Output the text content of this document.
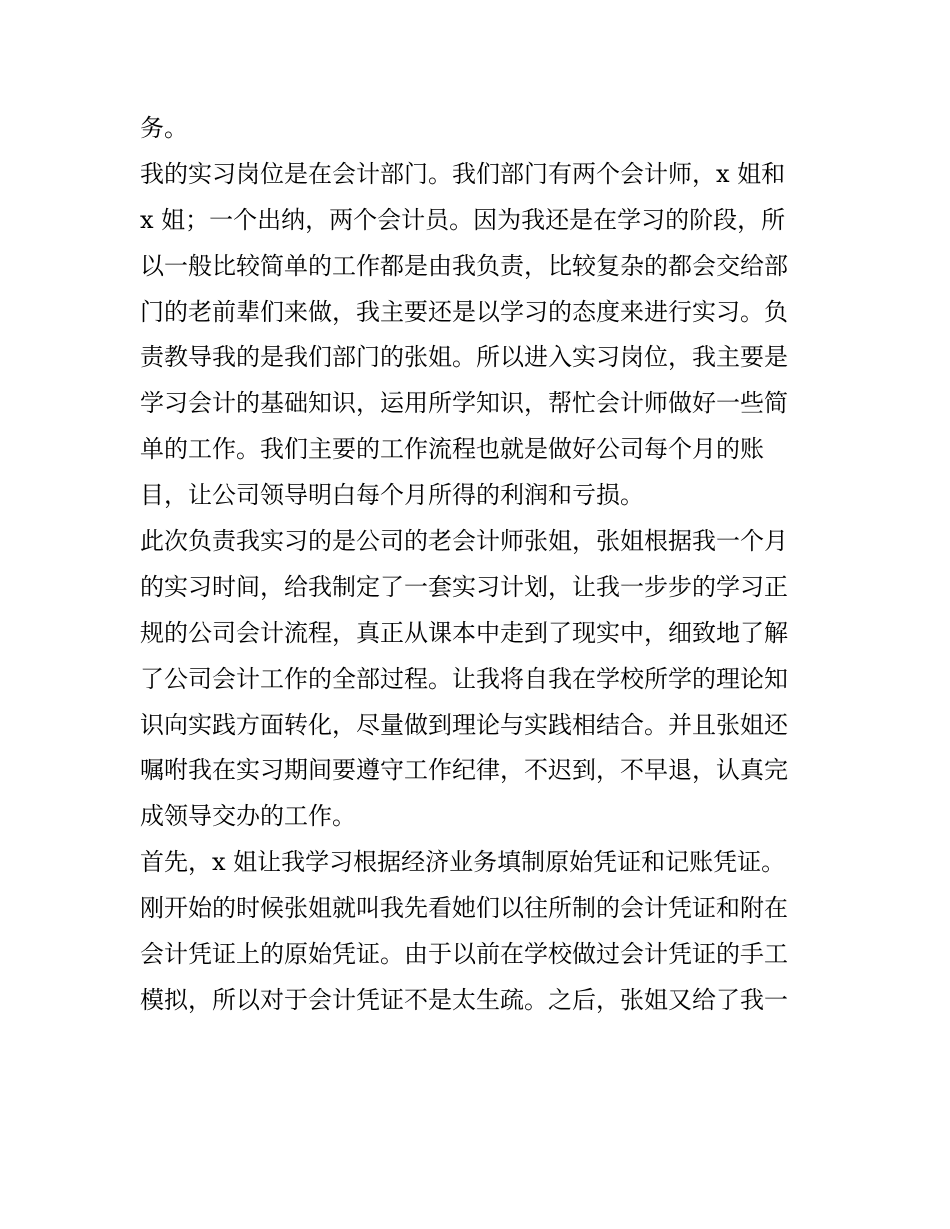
务。
我的实习岗位是在会计部门。我们部门有两个会计师，x 姐和
x 姐；一个出纳，两个会计员。因为我还是在学习的阶段，所
以一般比较简单的工作都是由我负责，比较复杂的都会交给部
门的老前辈们来做，我主要还是以学习的态度来进行实习。负
责教导我的是我们部门的张姐。所以进入实习岗位，我主要是
学习会计的基础知识，运用所学知识，帮忙会计师做好一些简
单的工作。我们主要的工作流程也就是做好公司每个月的账
目，让公司领导明白每个月所得的利润和亏损。
此次负责我实习的是公司的老会计师张姐，张姐根据我一个月
的实习时间，给我制定了一套实习计划，让我一步步的学习正
规的公司会计流程，真正从课本中走到了现实中，细致地了解
了公司会计工作的全部过程。让我将自我在学校所学的理论知
识向实践方面转化，尽量做到理论与实践相结合。并且张姐还
嘱咐我在实习期间要遵守工作纪律，不迟到，不早退，认真完
成领导交办的工作。
首先，x 姐让我学习根据经济业务填制原始凭证和记账凭证。
刚开始的时候张姐就叫我先看她们以往所制的会计凭证和附在
会计凭证上的原始凭证。由于以前在学校做过会计凭证的手工
模拟，所以对于会计凭证不是太生疏。之后，张姐又给了我一
